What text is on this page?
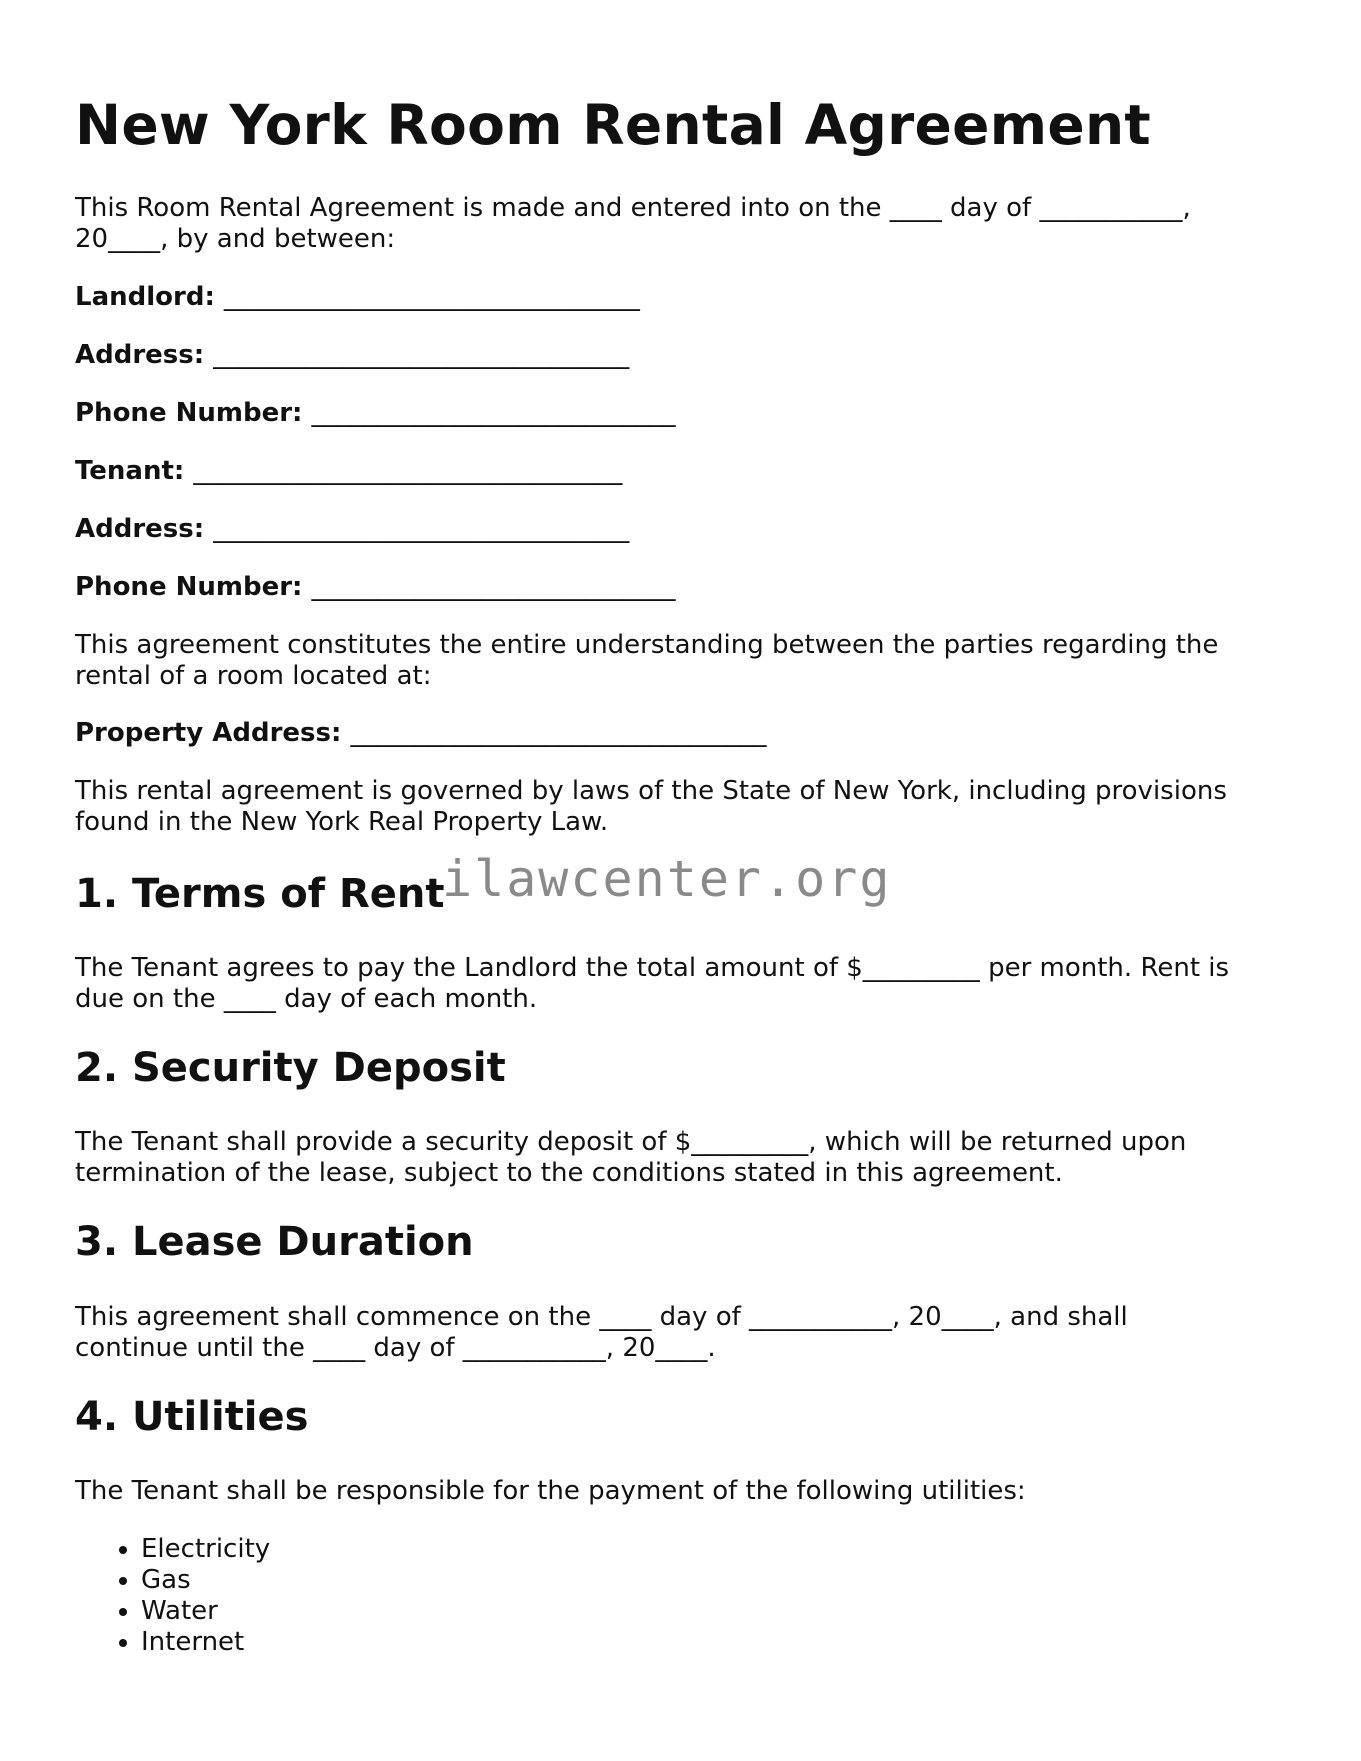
New York Room Rental Agreement

This Room Rental Agreement is made and entered into on the ____ day of ___________, 20____, by and between:

Landlord: ________________________________
Address: ________________________________
Phone Number: ____________________________
Tenant: _________________________________
Address: ________________________________
Phone Number: ____________________________

This agreement constitutes the entire understanding between the parties regarding the rental of a room located at:

Property Address: ________________________________

This rental agreement is governed by laws of the State of New York, including provisions found in the New York Real Property Law.

1. Terms of Rent

The Tenant agrees to pay the Landlord the total amount of $_________ per month. Rent is due on the ____ day of each month.

2. Security Deposit

The Tenant shall provide a security deposit of $_________, which will be returned upon termination of the lease, subject to the conditions stated in this agreement.

3. Lease Duration

This agreement shall commence on the ____ day of ___________, 20____, and shall continue until the ____ day of ___________, 20____.

4. Utilities

The Tenant shall be responsible for the payment of the following utilities:

• Electricity
• Gas
• Water
• Internet
ilawcenter.org
